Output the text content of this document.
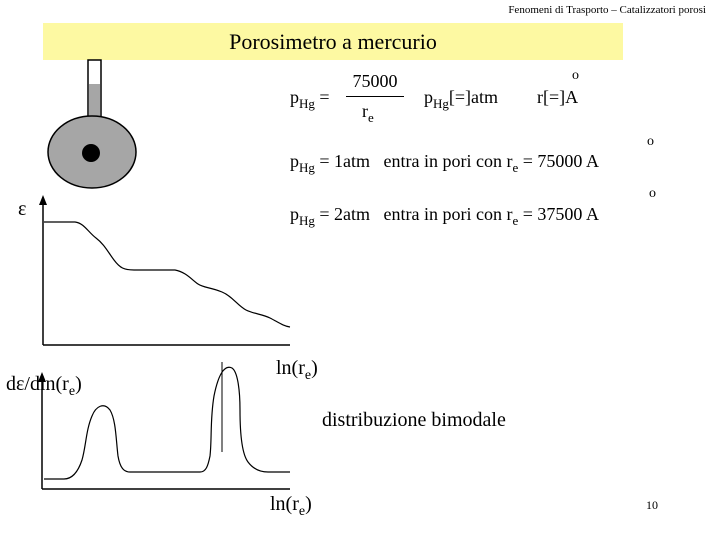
Fenomeni di Trasporto – Catalizzatori porosi
Porosimetro a mercurio
$p_{Hg}$ =
75000
$r_e$
$p_{Hg}[=]atm$ r[=]A
o
$p_{Hg} = 1atm$ entra in pori con $r_e = 75000$ A
o
$p_{Hg} = 2atm$ entra in pori con $r_e = 37500$ A
o
ε
$d\varepsilon/dln(r_e)$
$\ln(r_e)$
distribuzione bimodale
$\ln(r_e)$	10
